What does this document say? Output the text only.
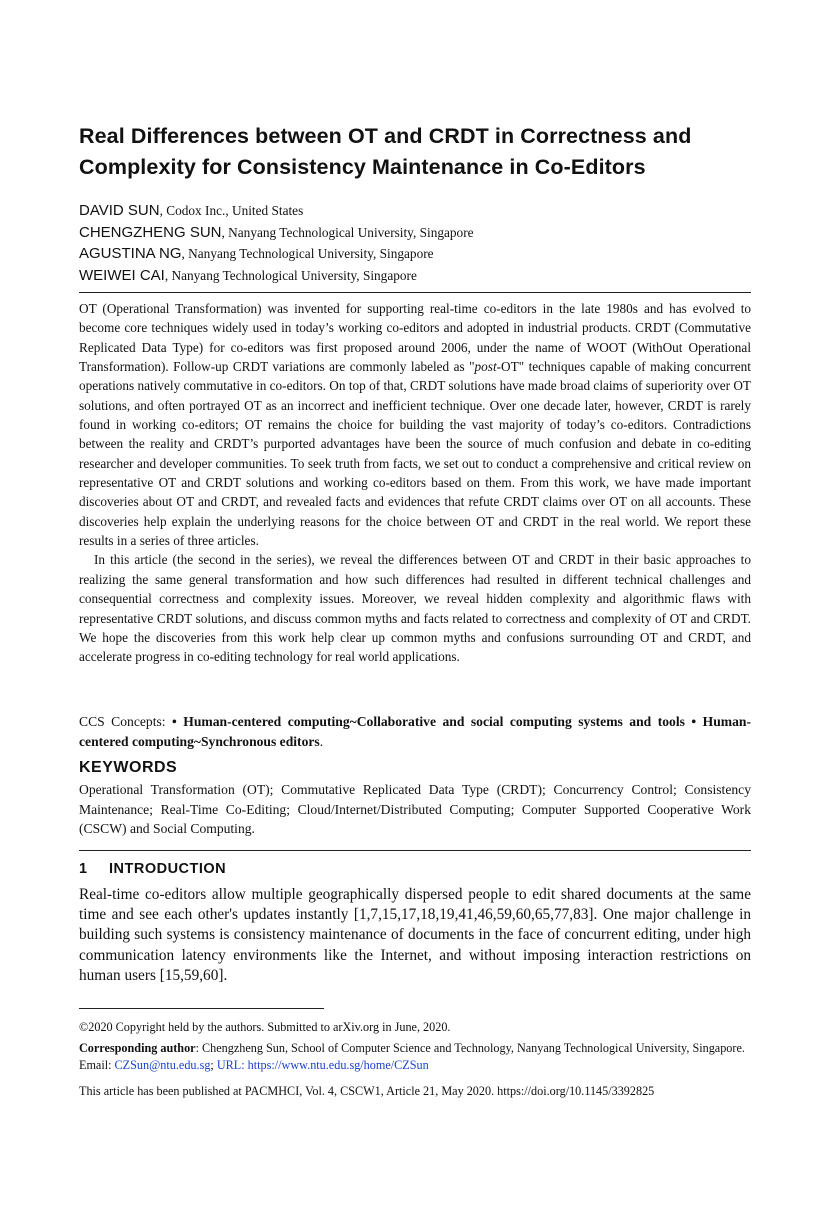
Real Differences between OT and CRDT in Correctness and Complexity for Consistency Maintenance in Co-Editors
DAVID SUN, Codox Inc., United States
CHENGZHENG SUN, Nanyang Technological University, Singapore
AGUSTINA NG, Nanyang Technological University, Singapore
WEIWEI CAI, Nanyang Technological University, Singapore

OT (Operational Transformation) was invented for supporting real-time co-editors in the late 1980s and has evolved to become core techniques widely used in today’s working co-editors and adopted in industrial products. CRDT (Commutative Replicated Data Type) for co-editors was first proposed around 2006, under the name of WOOT (WithOut Operational Transformation). Follow-up CRDT variations are commonly labeled as "post-OT" techniques capable of making concurrent operations natively commutative in co-editors. On top of that, CRDT solutions have made broad claims of superiority over OT solutions, and often portrayed OT as an incorrect and inefficient technique. Over one decade later, however, CRDT is rarely found in working co-editors; OT remains the choice for building the vast majority of today’s co-editors. Contradictions between the reality and CRDT’s purported advantages have been the source of much confusion and debate in co-editing researcher and developer communities. To seek truth from facts, we set out to conduct a comprehensive and critical review on representative OT and CRDT solutions and working co-editors based on them. From this work, we have made important discoveries about OT and CRDT, and revealed facts and evidences that refute CRDT claims over OT on all accounts. These discoveries help explain the underlying reasons for the choice between OT and CRDT in the real world. We report these results in a series of three articles.

In this article (the second in the series), we reveal the differences between OT and CRDT in their basic approaches to realizing the same general transformation and how such differences had resulted in different technical challenges and consequential correctness and complexity issues. Moreover, we reveal hidden complexity and algorithmic flaws with representative CRDT solutions, and discuss common myths and facts related to correctness and complexity of OT and CRDT. We hope the discoveries from this work help clear up common myths and confusions surrounding OT and CRDT, and accelerate progress in co-editing technology for real world applications.

CCS Concepts: • Human-centered computing~Collaborative and social computing systems and tools • Human-centered computing~Synchronous editors.
KEYWORDS
Operational Transformation (OT); Commutative Replicated Data Type (CRDT); Concurrency Control; Consistency Maintenance; Real-Time Co-Editing; Cloud/Internet/Distributed Computing; Computer Supported Cooperative Work (CSCW) and Social Computing.
1 INTRODUCTION
Real-time co-editors allow multiple geographically dispersed people to edit shared documents at the same time and see each other's updates instantly [1,7,15,17,18,19,41,46,59,60,65,77,83]. One major challenge in building such systems is consistency maintenance of documents in the face of concurrent editing, under high communication latency environments like the Internet, and without imposing interaction restrictions on human users [15,59,60].

©2020 Copyright held by the authors. Submitted to arXiv.org in June, 2020.

Corresponding author: Chengzheng Sun, School of Computer Science and Technology, Nanyang Technological University, Singapore. Email: CZSun@ntu.edu.sg; URL: https://www.ntu.edu.sg/home/CZSun

This article has been published at PACMHCI, Vol. 4, CSCW1, Article 21, May 2020. https://doi.org/10.1145/3392825
